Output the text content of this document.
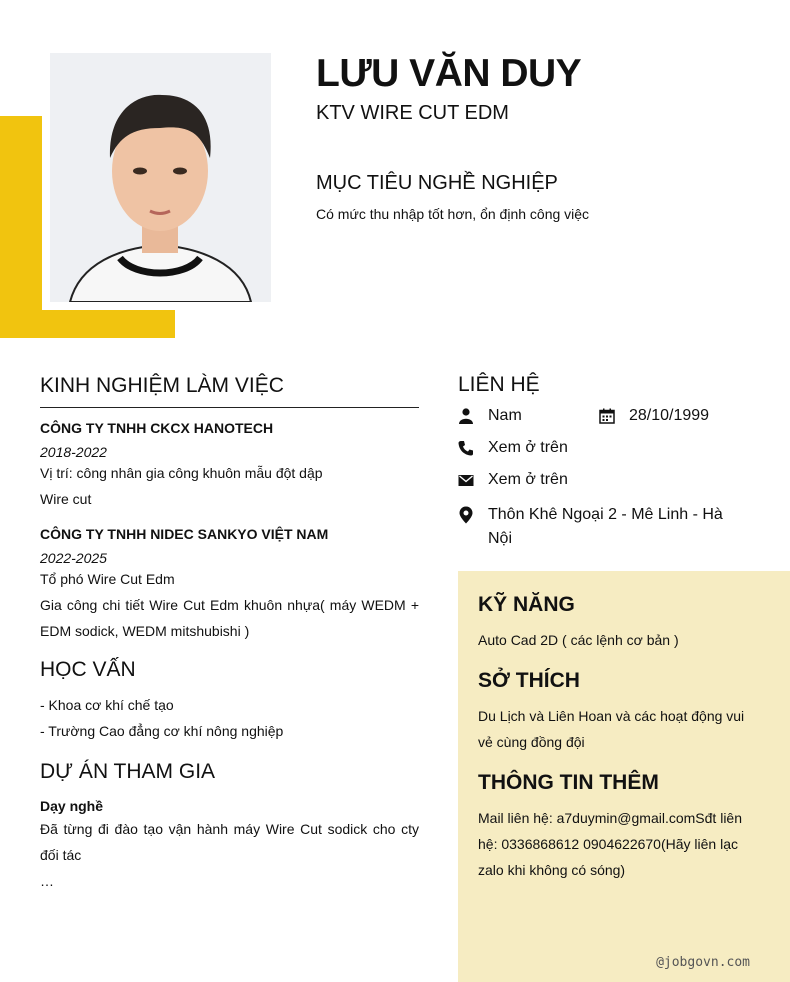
LƯU VĂN DUY
KTV WIRE CUT EDM
MỤC TIÊU NGHỀ NGHIỆP
Có mức thu nhập tốt hơn, ổn định công việc
KINH NGHIỆM LÀM VIỆC
CÔNG TY TNHH CKCX HANOTECH
2018-2022
Vị trí: công nhân gia công khuôn mẫu đột dập
Wire cut
CÔNG TY TNHH NIDEC SANKYO VIỆT NAM
2022-2025
Tổ phó Wire Cut Edm
Gia công chi tiết Wire Cut Edm khuôn nhựa( máy WEDM + EDM sodick, WEDM mitshubishi )
HỌC VẤN
- Khoa cơ khí chế tạo
- Trường Cao đẳng cơ khí nông nghiệp
DỰ ÁN THAM GIA
Dạy nghề
Đã từng đi đào tạo vận hành máy Wire Cut sodick cho cty đối tác
…
LIÊN HỆ
Nam	28/10/1999
Xem ở trên
Xem ở trên
Thôn Khê Ngoại 2 - Mê Linh - Hà Nội
KỸ NĂNG
Auto Cad 2D ( các lệnh cơ bản )
SỞ THÍCH
Du Lịch và Liên Hoan và các hoạt động vui vẻ cùng đồng đội
THÔNG TIN THÊM
Mail liên hệ: a7duymin@gmail.comSđt liên hệ: 0336868612 0904622670(Hãy liên lạc zalo khi không có sóng)
@jobgovn.com
